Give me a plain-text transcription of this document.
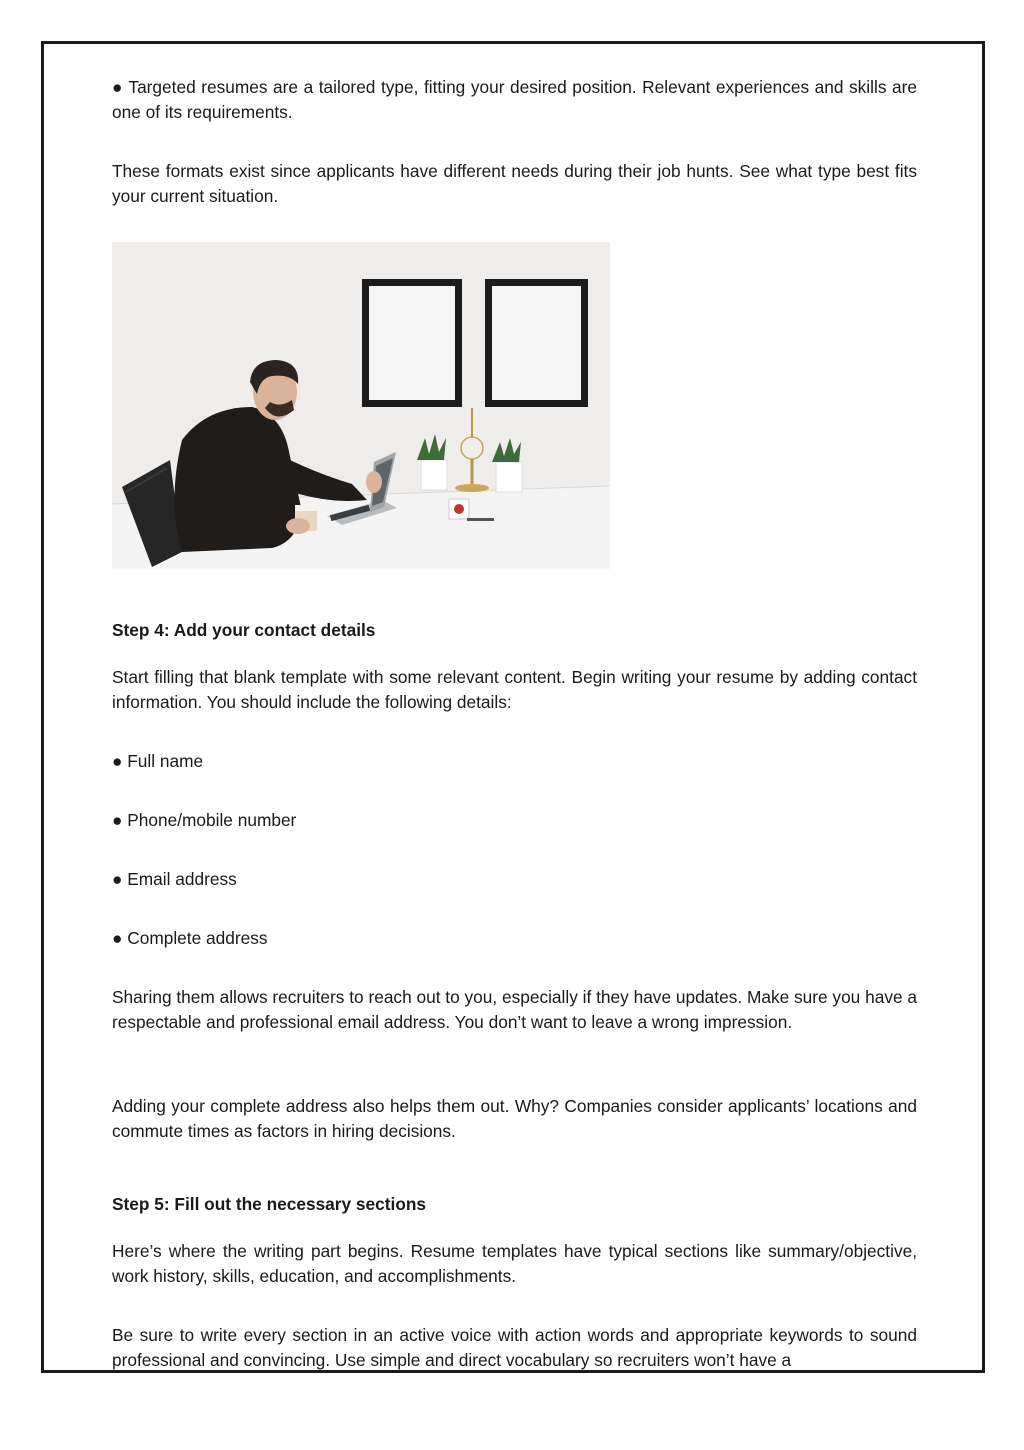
● Targeted resumes are a tailored type, fitting your desired position. Relevant experiences and skills are one of its requirements.

These formats exist since applicants have different needs during their job hunts. See what type best fits your current situation.

Step 4: Add your contact details

Start filling that blank template with some relevant content. Begin writing your resume by adding contact information. You should include the following details:

● Full name

● Phone/mobile number

● Email address

● Complete address

Sharing them allows recruiters to reach out to you, especially if they have updates. Make sure you have a respectable and professional email address. You don’t want to leave a wrong impression.

Adding your complete address also helps them out. Why? Companies consider applicants’ locations and commute times as factors in hiring decisions.

Step 5: Fill out the necessary sections

Here’s where the writing part begins. Resume templates have typical sections like summary/objective, work history, skills, education, and accomplishments.

Be sure to write every section in an active voice with action words and appropriate keywords to sound professional and convincing. Use simple and direct vocabulary so recruiters won’t have a
